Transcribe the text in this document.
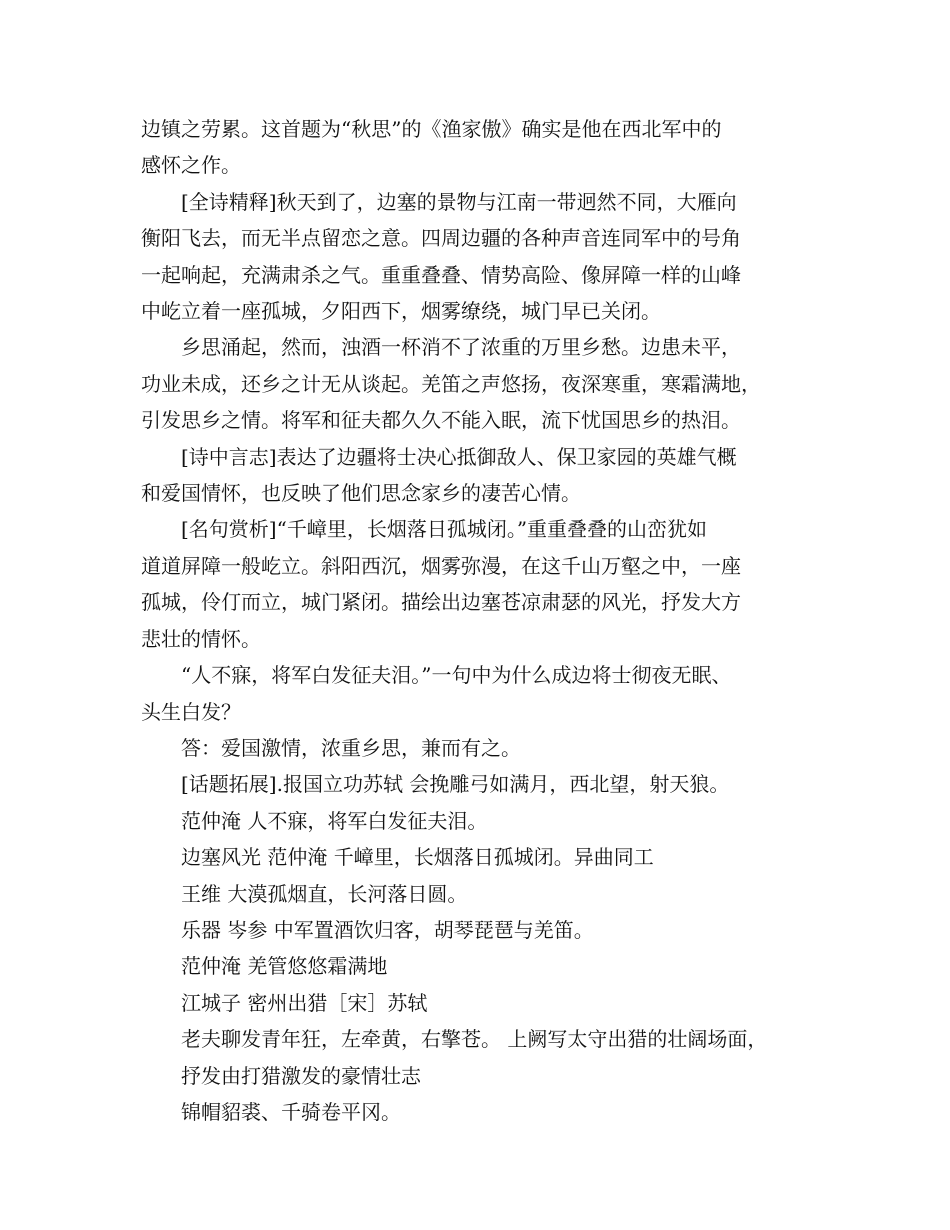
边镇之劳累。这首题为“秋思”的《渔家傲》确实是他在西北军中的

感怀之作。

[全诗精释]秋天到了，边塞的景物与江南一带迥然不同，大雁向

衡阳飞去，而无半点留恋之意。四周边疆的各种声音连同军中的号角

一起响起，充满肃杀之气。重重叠叠、情势高险、像屏障一样的山峰

中屹立着一座孤城，夕阳西下，烟雾缭绕，城门早已关闭。

乡思涌起，然而，浊酒一杯消不了浓重的万里乡愁。边患未平，

功业未成，还乡之计无从谈起。羌笛之声悠扬，夜深寒重，寒霜满地，

引发思乡之情。将军和征夫都久久不能入眠，流下忧国思乡的热泪。

[诗中言志]表达了边疆将士决心抵御敌人、保卫家园的英雄气概

和爱国情怀，也反映了他们思念家乡的凄苦心情。

[名句赏析]“千嶂里，长烟落日孤城闭。”重重叠叠的山峦犹如

道道屏障一般屹立。斜阳西沉，烟雾弥漫，在这千山万壑之中，一座

孤城，伶仃而立，城门紧闭。描绘出边塞苍凉肃瑟的风光，抒发大方

悲壮的情怀。

“人不寐，将军白发征夫泪。”一句中为什么成边将士彻夜无眠、

头生白发？

答：爱国激情，浓重乡思，兼而有之。

[话题拓展].报国立功苏轼 会挽雕弓如满月，西北望，射天狼。

范仲淹 人不寐，将军白发征夫泪。

边塞风光 范仲淹 千嶂里，长烟落日孤城闭。异曲同工

王维 大漠孤烟直，长河落日圆。

乐器 岑参 中军置酒饮归客，胡琴琵琶与羌笛。

范仲淹 羌管悠悠霜满地

江城子 密州出猎［宋］苏轼

老夫聊发青年狂，左牵黄，右擎苍。 上阙写太守出猎的壮阔场面，

抒发由打猎激发的豪情壮志

锦帽貂裘、千骑卷平冈。
